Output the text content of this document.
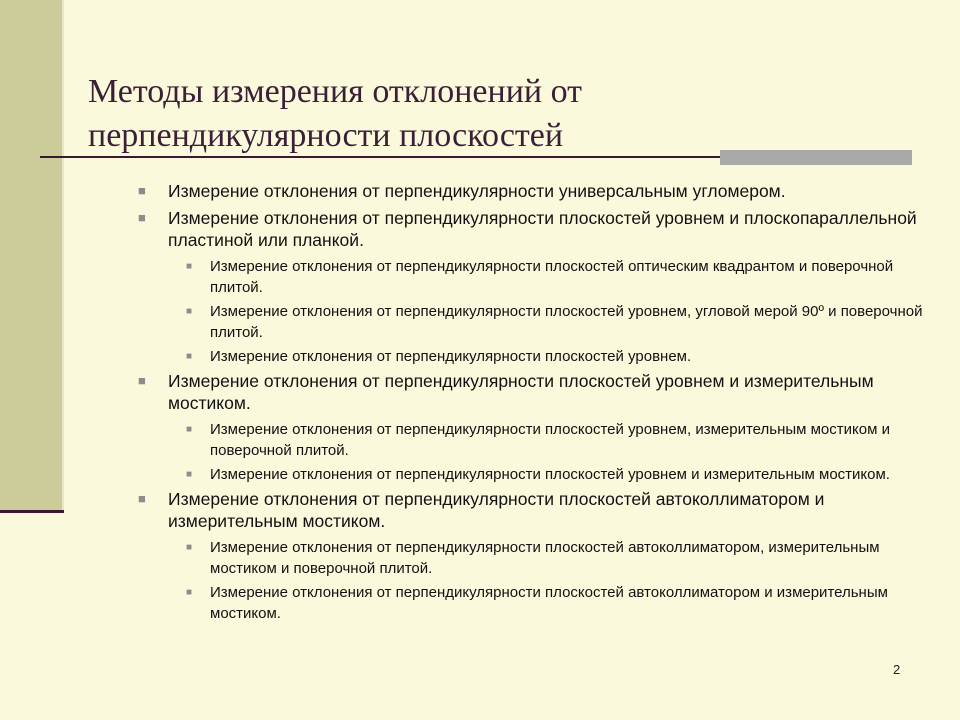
Методы измерения отклонений от
перпендикулярности плоскостей
■ Измерение отклонения от перпендикулярности универсальным угломером.
■ Измерение отклонения от перпендикулярности плоскостей уровнем и плоскопараллельной пластиной или планкой.
■ Измерение отклонения от перпендикулярности плоскостей оптическим квадрантом и поверочной плитой.
■ Измерение отклонения от перпендикулярности плоскостей уровнем, угловой мерой 90º и поверочной плитой.
■ Измерение отклонения от перпендикулярности плоскостей уровнем.
■ Измерение отклонения от перпендикулярности плоскостей уровнем и измерительным мостиком.
■ Измерение отклонения от перпендикулярности плоскостей уровнем, измерительным мостиком и поверочной плитой.
■ Измерение отклонения от перпендикулярности плоскостей уровнем и измерительным мостиком.
■ Измерение отклонения от перпендикулярности плоскостей автоколлиматором и измерительным мостиком.
■ Измерение отклонения от перпендикулярности плоскостей автоколлиматором, измерительным мостиком и поверочной плитой.
■ Измерение отклонения от перпендикулярности плоскостей автоколлиматором и измерительным мостиком.
2
